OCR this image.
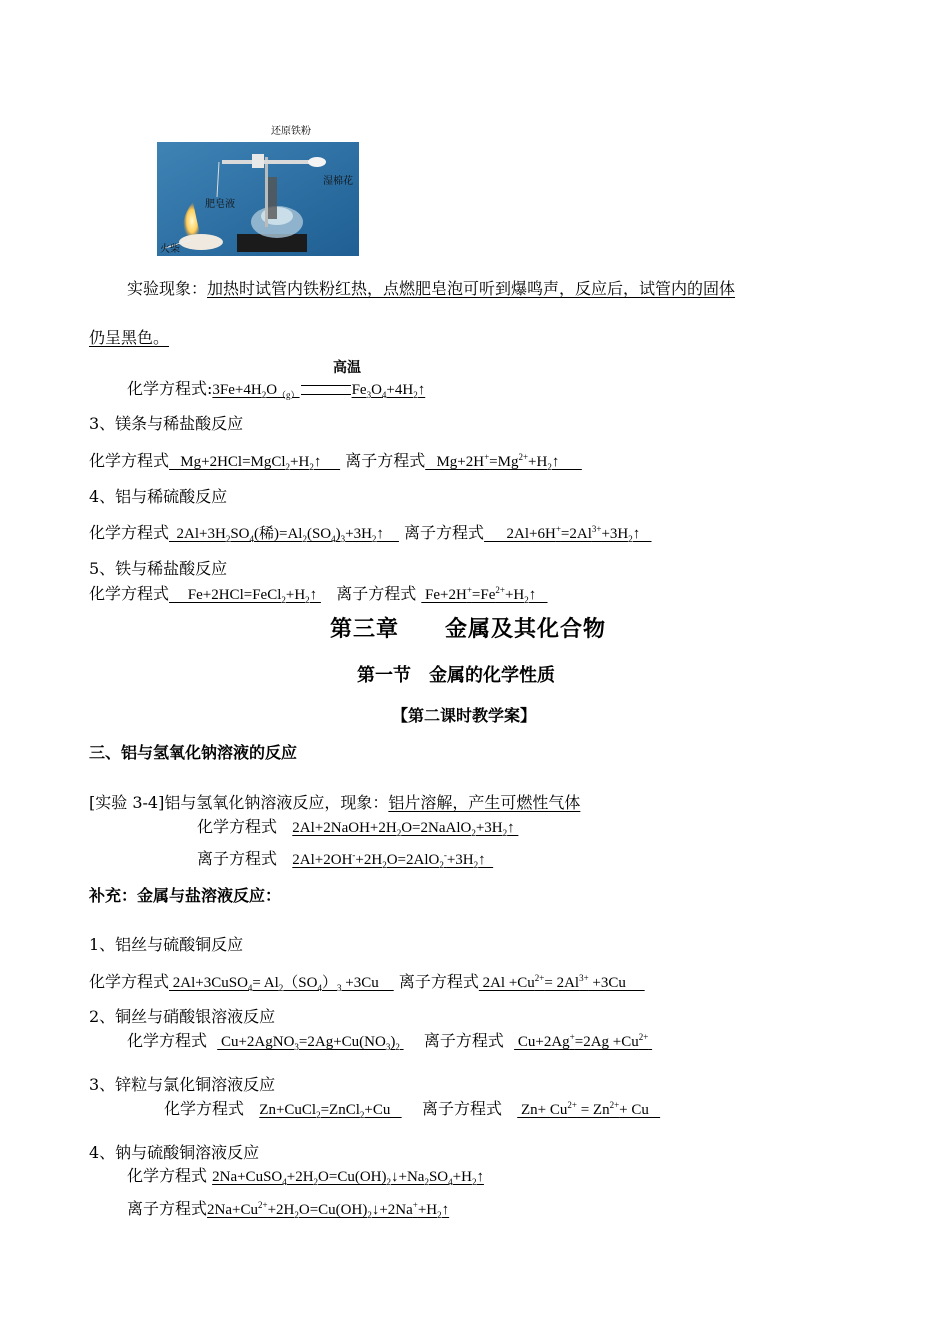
还原铁粉
湿棉花
肥皂液
火柴
实验现象：加热时试管内铁粉红热，点燃肥皂泡可听到爆鸣声，反应后，试管内的固体
仍呈黑色。
高温
化学方程式$:3Fe+4H_2O_{(g)}$	$Fe_3O_4+4H_2↑$
3、镁条与稀盐酸反应
化学方程式   $Mg+2HCl=MgCl_2+H_2↑$      离子方程式   $Mg+2H^+=Mg^{2+}+H_2↑$
4、铝与稀硫酸反应
化学方程式  $2Al+3H_2SO_4$(稀)$=Al_2(SO_4)_3+3H_2↑$     离子方程式      $2Al+6H^+=2Al^{3+}+3H_2↑$
5、铁与稀盐酸反应
化学方程式     $Fe+2HCl=FeCl_2+H_2↑$    离子方程式  $Fe+2H^+=Fe^{2+}+H_2↑$
第三章　　金属及其化合物
第一节　金属的化学性质
【第二课时教学案】
三、铝与氢氧化钠溶液的反应
[实验 3-4]铝与氢氧化钠溶液反应，现象：铝片溶解，产生可燃性气体
化学方程式 $2Al+2NaOH+2H_2O=2NaAlO_2+3H_2↑$
离子方程式 $2Al+2OH^-+2H_2O=2AlO_2^-+3H_2↑$
补充：金属与盐溶液反应：
1、铝丝与硫酸铜反应
化学方程式 2Al+3CuSO$_4$= $Al_2(SO_4)_3 +3Cu$     离子方程式 $2Al +Cu^{2+}= 2Al^{3+} +3Cu$
2、铜丝与硝酸银溶液反应
化学方程式   $Cu+2AgNO_3=2Ag+Cu(NO_3)_2$ 离子方程式   $Cu+2Ag^+=2Ag +Cu^{2+}$
3、锌粒与氯化铜溶液反应
化学方程式 Zn+CuCl$_2$=ZnCl$_2$+Cu       离子方程式    $Zn+ Cu^{2+} = Zn^{2+}+ Cu$
4、钠与硫酸铜溶液反应
化学方程式 $2Na+CuSO_4+2H_2O=Cu(OH)_2↓+Na_2SO_4+H_2↑$
离子方程式$2Na+Cu^{2+}+2H_2O=Cu(OH)_2↓+2Na^++H_2↑$
